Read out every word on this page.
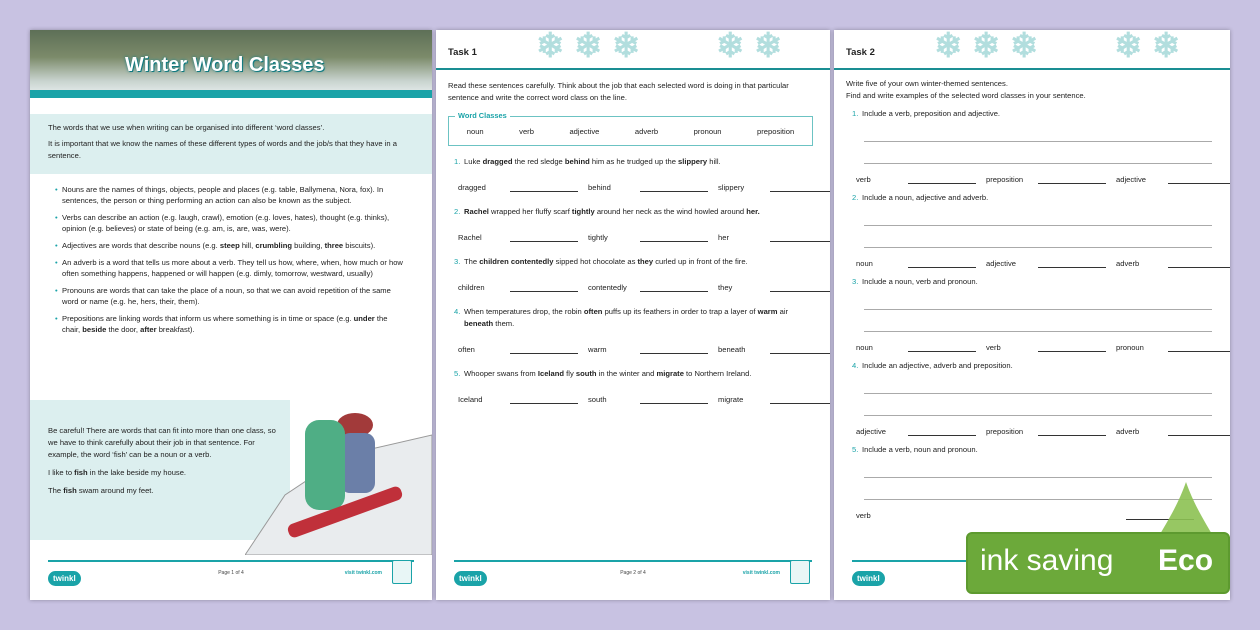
Winter Word Classes

The words that we use when writing can be organised into different ‘word classes’.

It is important that we know the names of these different types of words and the job/s that they have in a sentence.

• Nouns are the names of things, objects, people and places (e.g. table, Ballymena, Nora, fox). In sentences, the person or thing performing an action can also be known as the subject.
• Verbs can describe an action (e.g. laugh, crawl), emotion (e.g. loves, hates), thought (e.g. thinks), opinion (e.g. believes) or state of being (e.g. am, is, are, was, were).
• Adjectives are words that describe nouns (e.g. steep hill, crumbling building, three biscuits).
• An adverb is a word that tells us more about a verb. They tell us how, where, when, how much or how often something happens, happened or will happen (e.g. dimly, tomorrow, westward, usually)
• Pronouns are words that can take the place of a noun, so that we can avoid repetition of the same word or name (e.g. he, hers, their, them).
• Prepositions are linking words that inform us where something is in time or space (e.g. under the chair, beside the door, after breakfast).

Be careful! There are words that can fit into more than one class, so we have to think carefully about their job in that sentence. For example, the word ‘fish’ can be a noun or a verb.

I like to fish in the lake beside my house.

The fish swam around my feet.

twinkl
Page 1 of 4	visit twinkl.com
Task 1 ❄ ❄ ❄ ❄ ❄
Read these sentences carefully. Think about the job that each selected word is doing in that particular sentence and write the correct word class on the line.
Word Classes
noun	verb	adjective	adverb	pronoun	preposition
1. Luke dragged the red sledge behind him as he trudged up the slippery hill.
dragged	behind	slippery
2. Rachel wrapped her fluffy scarf tightly around her neck as the wind howled around her.
Rachel	tightly	her
3. The children contentedly sipped hot chocolate as they curled up in front of the fire.
children	contentedly	they
4. When temperatures drop, the robin often puffs up its feathers in order to trap a layer of warm air beneath them.
often	warm	beneath
5. Whooper swans from Iceland fly south in the winter and migrate to Northern Ireland.
Iceland	south	migrate
twinkl
Page 2 of 4	visit twinkl.com
Task 2 ❄ ❄ ❄ ❄ ❄
Write five of your own winter-themed sentences.
Find and write examples of the selected word classes in your sentence.
1. Include a verb, preposition and adjective.
verb	preposition	adjective
2. Include a noun, adjective and adverb.
noun	adjective	adverb
3. Include a noun, verb and pronoun.
noun	verb	pronoun
4. Include an adjective, adverb and preposition.
adjective	preposition	adverb
5. Include a verb, noun and pronoun.
verb
twinkl
ink saving Eco
